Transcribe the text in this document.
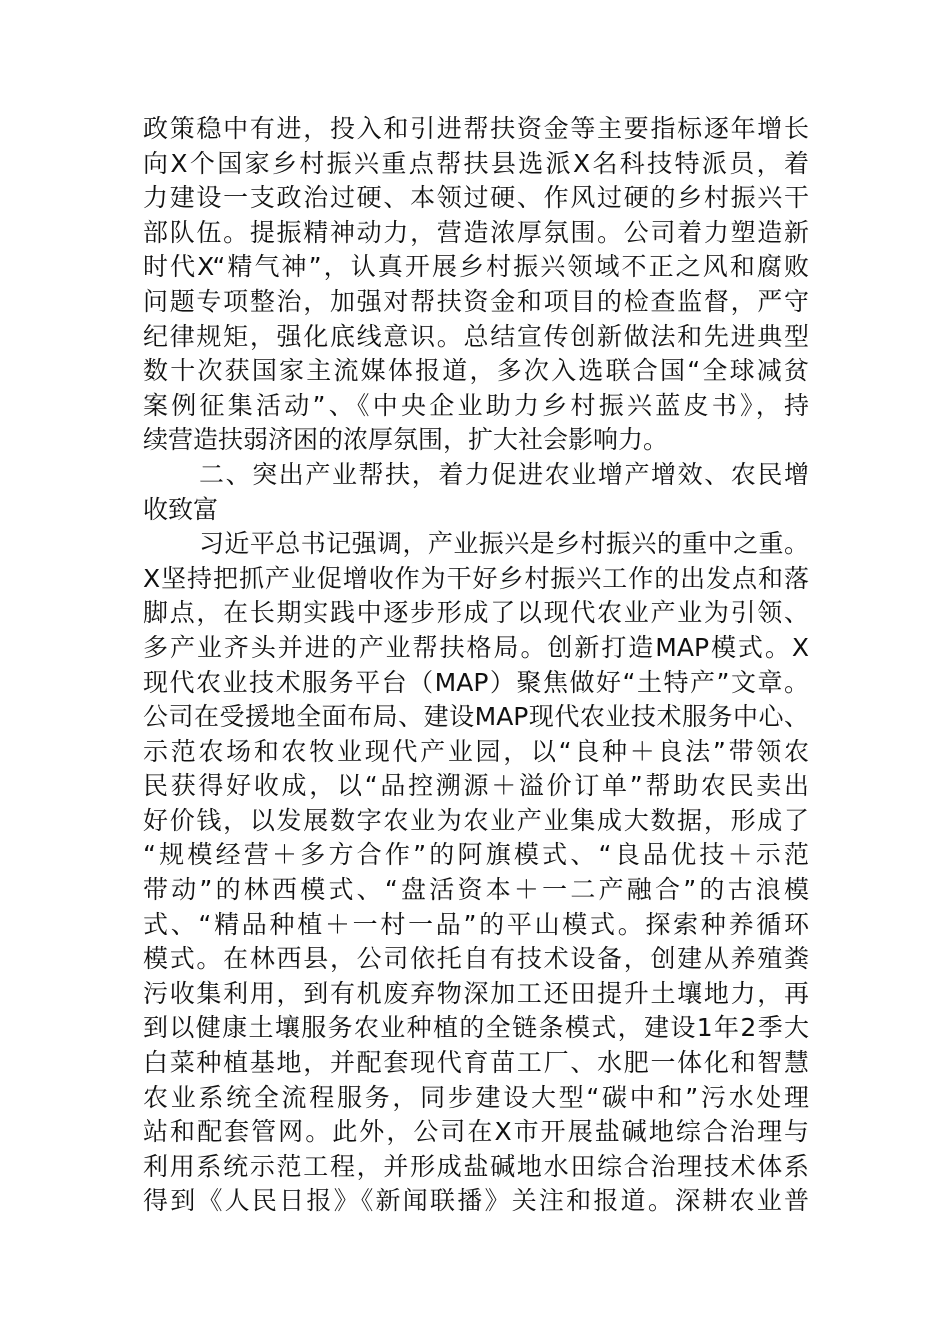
政策稳中有进，投入和引进帮扶资金等主要指标逐年增长
向X个国家乡村振兴重点帮扶县选派X名科技特派员，着
力建设一支政治过硬、本领过硬、作风过硬的乡村振兴干
部队伍。提振精神动力，营造浓厚氛围。公司着力塑造新
时代X“精气神”，认真开展乡村振兴领域不正之风和腐败
问题专项整治，加强对帮扶资金和项目的检查监督，严守
纪律规矩，强化底线意识。总结宣传创新做法和先进典型
数十次获国家主流媒体报道，多次入选联合国“全球减贫
案例征集活动”、《中央企业助力乡村振兴蓝皮书》，持
续营造扶弱济困的浓厚氛围，扩大社会影响力。
二、突出产业帮扶，着力促进农业增产增效、农民增
收致富
习近平总书记强调，产业振兴是乡村振兴的重中之重。
X坚持把抓产业促增收作为干好乡村振兴工作的出发点和落
脚点，在长期实践中逐步形成了以现代农业产业为引领、
多产业齐头并进的产业帮扶格局。创新打造MAP模式。X
现代农业技术服务平台（MAP）聚焦做好“土特产”文章。
公司在受援地全面布局、建设MAP现代农业技术服务中心、
示范农场和农牧业现代产业园，以“良种＋良法”带领农
民获得好收成，以“品控溯源＋溢价订单”帮助农民卖出
好价钱，以发展数字农业为农业产业集成大数据，形成了
“规模经营＋多方合作”的阿旗模式、“良品优技＋示范
带动”的林西模式、“盘活资本＋一二产融合”的古浪模
式、“精品种植＋一村一品”的平山模式。探索种养循环
模式。在林西县，公司依托自有技术设备，创建从养殖粪
污收集利用，到有机废弃物深加工还田提升土壤地力，再
到以健康土壤服务农业种植的全链条模式，建设1年2季大
白菜种植基地，并配套现代育苗工厂、水肥一体化和智慧
农业系统全流程服务，同步建设大型“碳中和”污水处理
站和配套管网。此外，公司在X市开展盐碱地综合治理与
利用系统示范工程，并形成盐碱地水田综合治理技术体系
得到《人民日报》《新闻联播》关注和报道。深耕农业普
